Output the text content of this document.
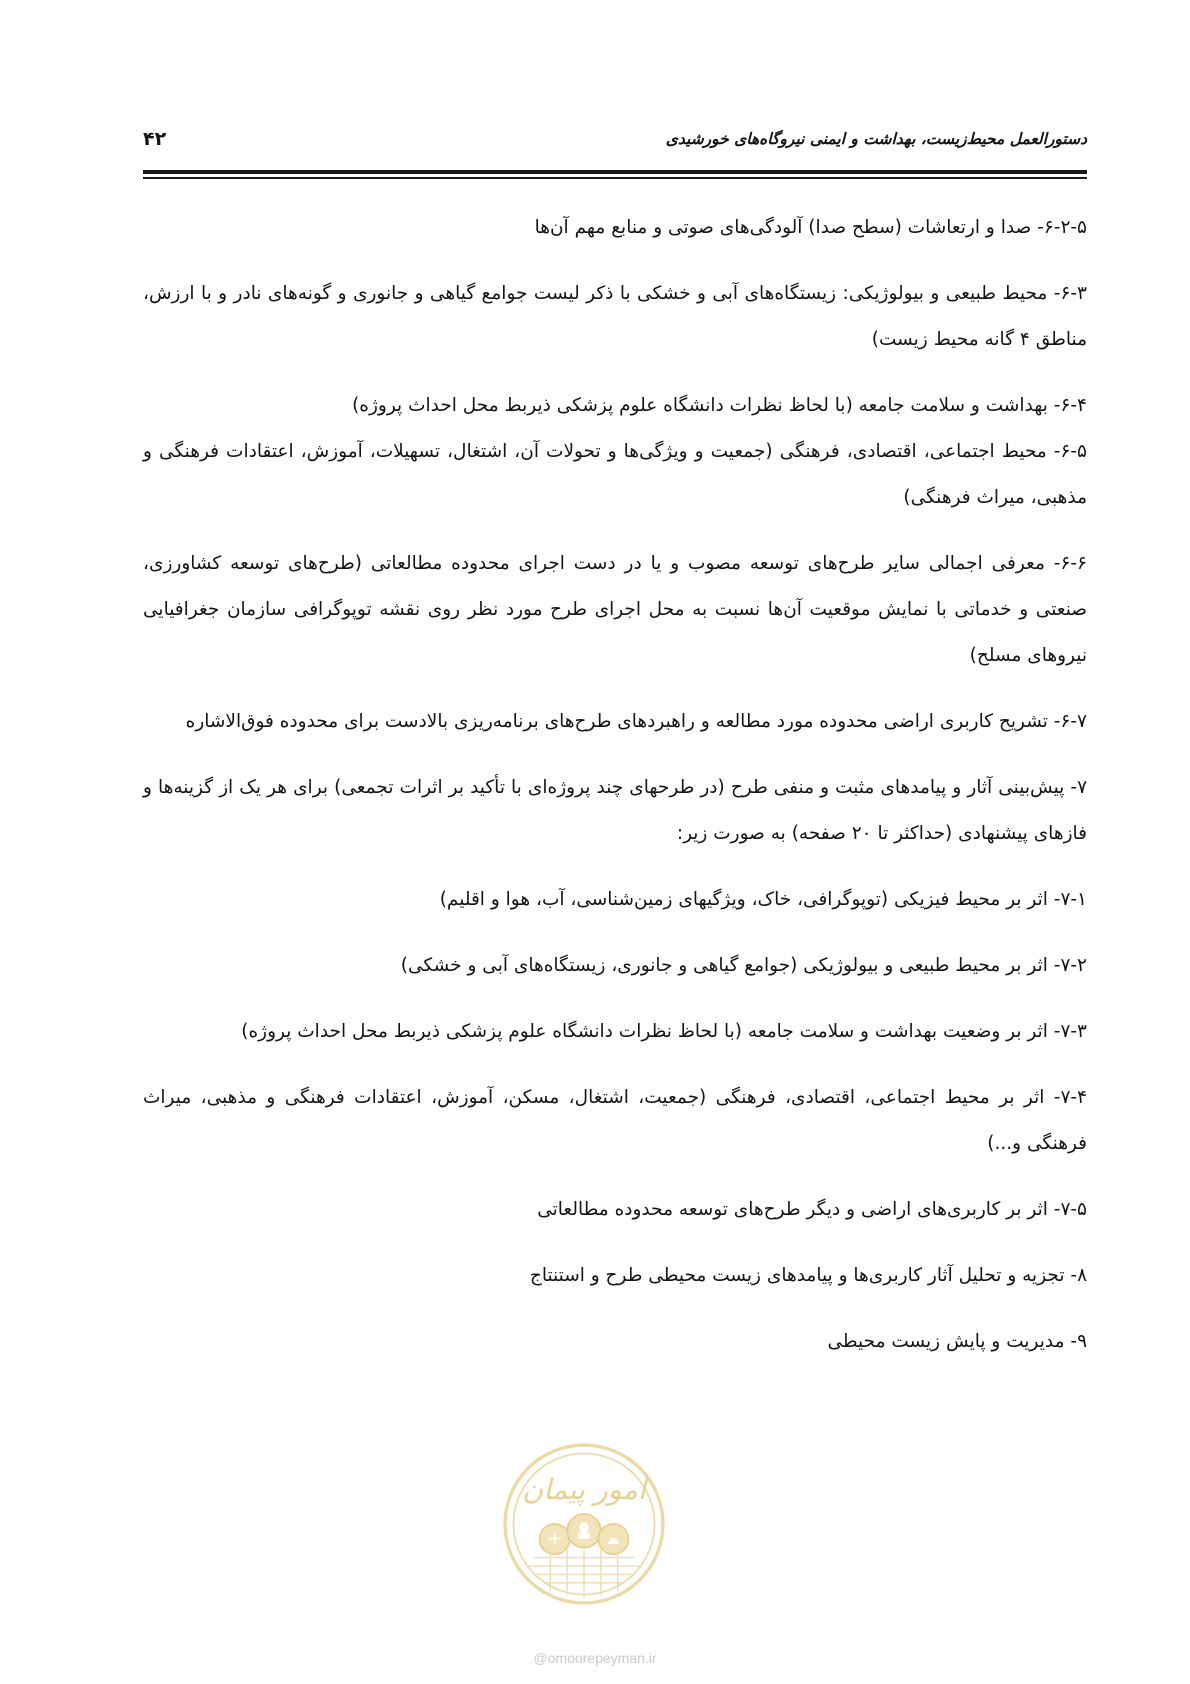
دستورالعمل محیط‌زیست، بهداشت و ایمنی نیروگاه‌های خورشیدی
۴۲

۶-۲-۵- صدا و ارتعاشات (سطح صدا) آلودگی‌های صوتی و منابع مهم آن‌ها

۶-۳- محیط طبیعی و بیولوژیکی: زیستگاه‌های آبی و خشکی با ذکر لیست جوامع گیاهی و جانوری و گونه‌های نادر و با ارزش، مناطق ۴ گانه محیط زیست)

۶-۴- بهداشت و سلامت جامعه (با لحاظ نظرات دانشگاه علوم پزشکی ذیربط محل احداث پروژه)

۶-۵- محیط اجتماعی، اقتصادی، فرهنگی (جمعیت و ویژگی‌ها و تحولات آن، اشتغال، تسهیلات، آموزش، اعتقادات فرهنگی و مذهبی، میراث فرهنگی)

۶-۶- معرفی اجمالی سایر طرح‌های توسعه مصوب و یا در دست اجرای محدوده مطالعاتی (طرح‌های توسعه کشاورزی، صنعتی و خدماتی با نمایش موقعیت آن‌ها نسبت به محل اجرای طرح مورد نظر روی نقشه توپوگرافی سازمان جغرافیایی نیروهای مسلح)

۶-۷- تشریح کاربری اراضی محدوده مورد مطالعه و راهبردهای طرح‌های برنامه‌ریزی بالادست برای محدوده فوق‌الاشاره

۷- پیش‌بینی آثار و پیامدهای مثبت و منفی طرح (در طرحهای چند پروژه‌ای با تأکید بر اثرات تجمعی) برای هر یک از گزینه‌ها و فازهای پیشنهادی (حداکثر تا ۲۰ صفحه) به صورت زیر:

۷-۱- اثر بر محیط فیزیکی (توپوگرافی، خاک، ویژگیهای زمین‌شناسی، آب، هوا و اقلیم)

۷-۲- اثر بر محیط طبیعی و بیولوژیکی (جوامع گیاهی و جانوری، زیستگاه‌های آبی و خشکی)

۷-۳- اثر بر وضعیت بهداشت و سلامت جامعه (با لحاظ نظرات دانشگاه علوم پزشکی ذیربط محل احداث پروژه)

۷-۴- اثر بر محیط اجتماعی، اقتصادی، فرهنگی (جمعیت، اشتغال، مسکن، آموزش، اعتقادات فرهنگی و مذهبی، میراث فرهنگی و...)

۷-۵- اثر بر کاربری‌های اراضی و دیگر طرح‌های توسعه محدوده مطالعاتی

۸- تجزیه و تحلیل آثار کاربری‌ها و پیامدهای زیست محیطی طرح و استنتاج

۹- مدیریت و پایش زیست محیطی

امور پیمان
@omoorepeyman.ir
